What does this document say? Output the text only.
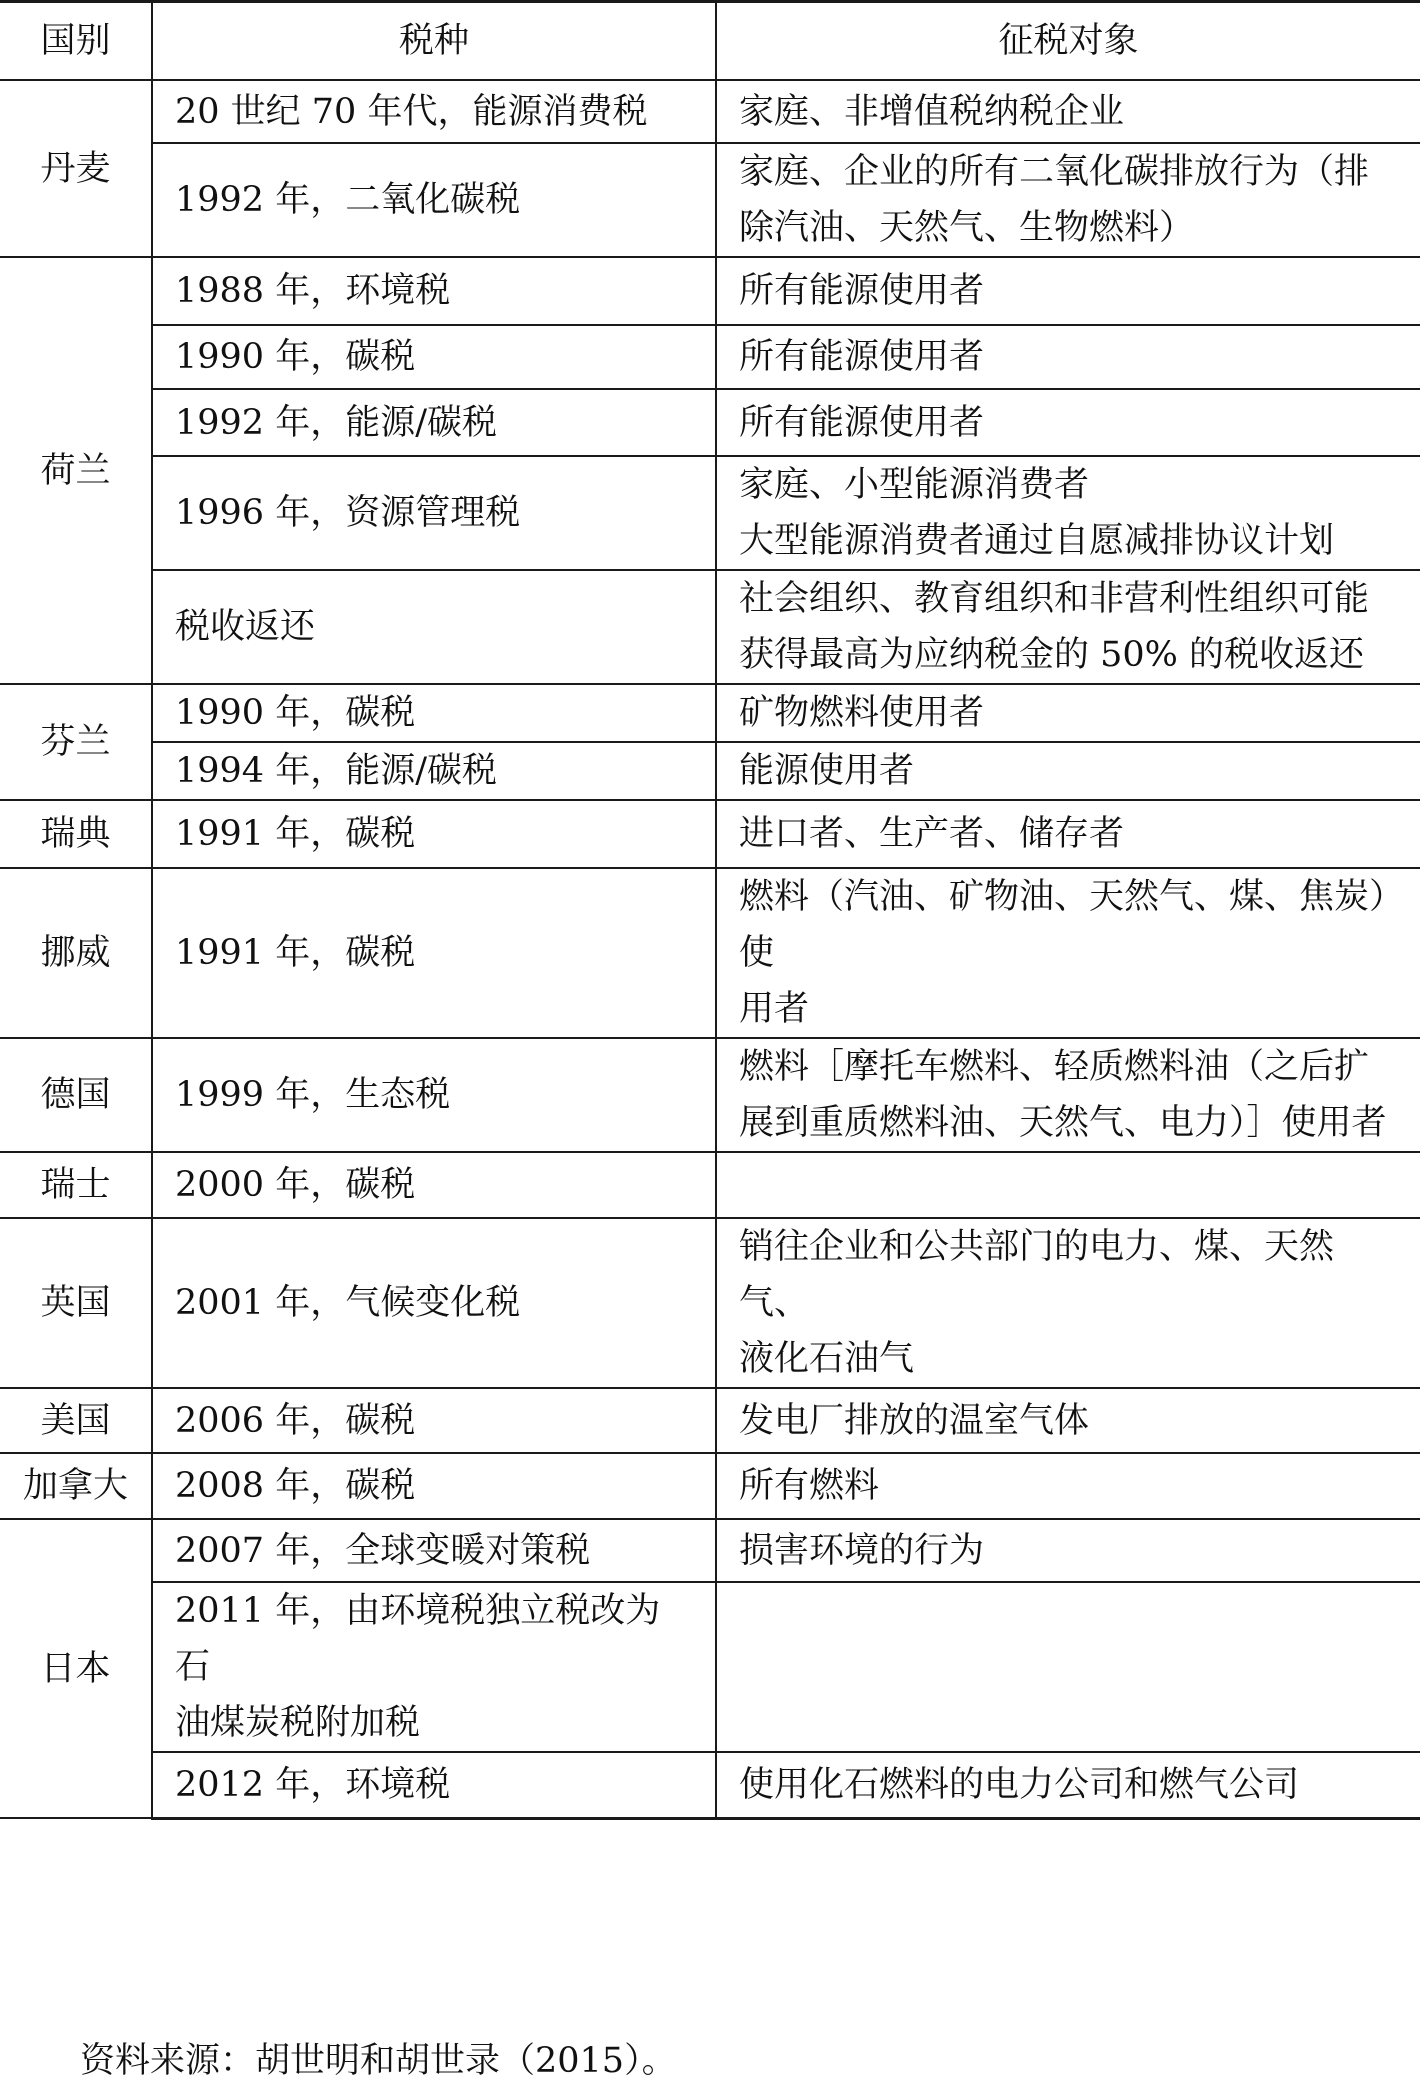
国别	税种	征税对象
丹麦	20 世纪 70 年代，能源消费税	家庭、非增值税纳税企业

	1992 年，二氧化碳税	家庭、企业的所有二氧化碳排放行为（排
除汽油、天然气、生物燃料）

荷兰	1988 年，环境税	所有能源使用者

	1990 年，碳税	所有能源使用者

	1992 年，能源/碳税	所有能源使用者

	1996 年，资源管理税	家庭、小型能源消费者
大型能源消费者通过自愿减排协议计划

	税收返还	社会组织、教育组织和非营利性组织可能
获得最高为应纳税金的 50% 的税收返还

芬兰	1990 年，碳税	矿物燃料使用者

	1994 年，能源/碳税	能源使用者

瑞典	1991 年，碳税	进口者、生产者、储存者

挪威	1991 年，碳税	燃料（汽油、矿物油、天然气、煤、焦炭）使
用者

德国	1999 年，生态税	燃料［摩托车燃料、轻质燃料油（之后扩
展到重质燃料油、天然气、电力）］使用者

瑞士	2000 年，碳税	

英国	2001 年，气候变化税	销往企业和公共部门的电力、煤、天然气、
液化石油气

美国	2006 年，碳税	发电厂排放的温室气体

加拿大	2008 年，碳税	所有燃料

日本	2007 年，全球变暖对策税	损害环境的行为

	2011 年，由环境税独立税改为石
油煤炭税附加税	

	2012 年，环境税	使用化石燃料的电力公司和燃气公司
资料来源：胡世明和胡世录（2015）。
